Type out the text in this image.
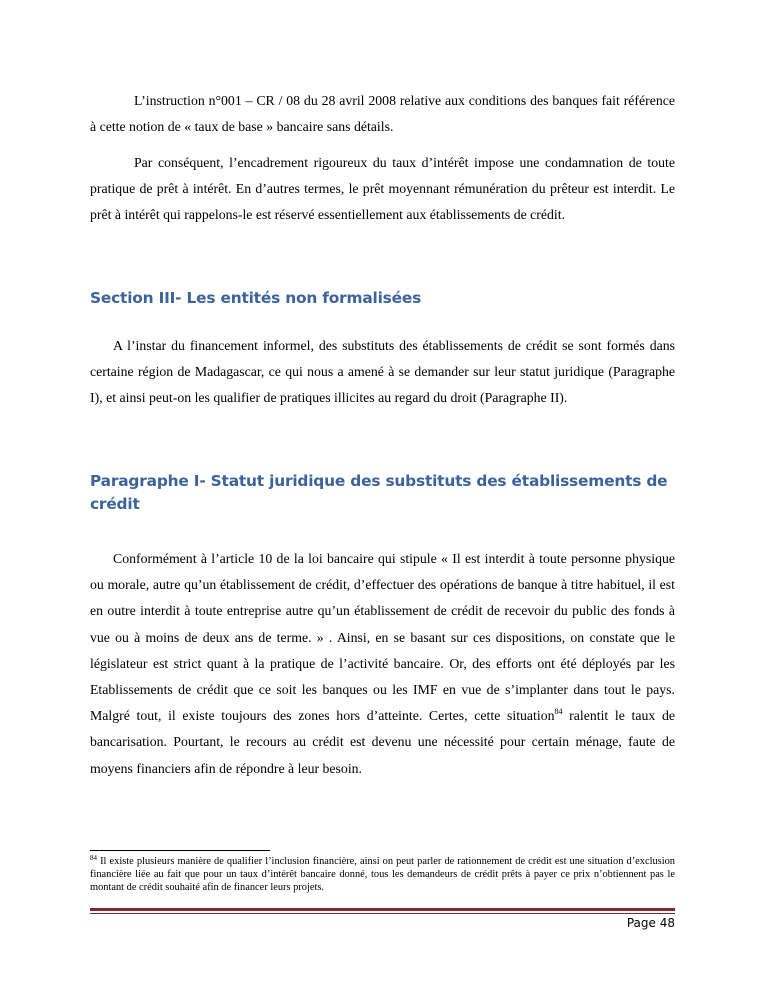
L’instruction n°001 – CR / 08 du 28 avril 2008 relative aux conditions des banques fait référence à cette notion de « taux de base » bancaire sans détails.

Par conséquent, l’encadrement rigoureux du taux d’intérêt impose une condamnation de toute pratique de prêt à intérêt. En d’autres termes, le prêt moyennant rémunération du prêteur est interdit. Le prêt à intérêt qui rappelons-le est réservé essentiellement aux établissements de crédit.

Section III- Les entités non formalisées

A l’instar du financement informel, des substituts des établissements de crédit se sont formés dans certaine région de Madagascar, ce qui nous a amené à se demander sur leur statut juridique (Paragraphe I), et ainsi peut-on les qualifier de pratiques illicites au regard du droit (Paragraphe II).

Paragraphe I- Statut juridique des substituts des établissements de crédit

Conformément à l’article 10 de la loi bancaire qui stipule « Il est interdit à toute personne physique ou morale, autre qu’un établissement de crédit, d’effectuer des opérations de banque à titre habituel, il est en outre interdit à toute entreprise autre qu’un établissement de crédit de recevoir du public des fonds à vue ou à moins de deux ans de terme. » . Ainsi, en se basant sur ces dispositions, on constate que le législateur est strict quant à la pratique de l’activité bancaire. Or, des efforts ont été déployés par les Etablissements de crédit que ce soit les banques ou les IMF en vue de s’implanter dans tout le pays. Malgré tout, il existe toujours des zones hors d’atteinte. Certes, cette situation$^{84}$ ralentit le taux de bancarisation. Pourtant, le recours au crédit est devenu une nécessité pour certain ménage, faute de moyens financiers afin de répondre à leur besoin.

$^{84}$ Il existe plusieurs manière de qualifier l’inclusion financière, ainsi on peut parler de rationnement de crédit est une situation d’exclusion financière liée au fait que pour un taux d’intérêt bancaire donné, tous les demandeurs de crédit prêts à payer ce prix n’obtiennent pas le montant de crédit souhaité afin de financer leurs projets.

Page 48
